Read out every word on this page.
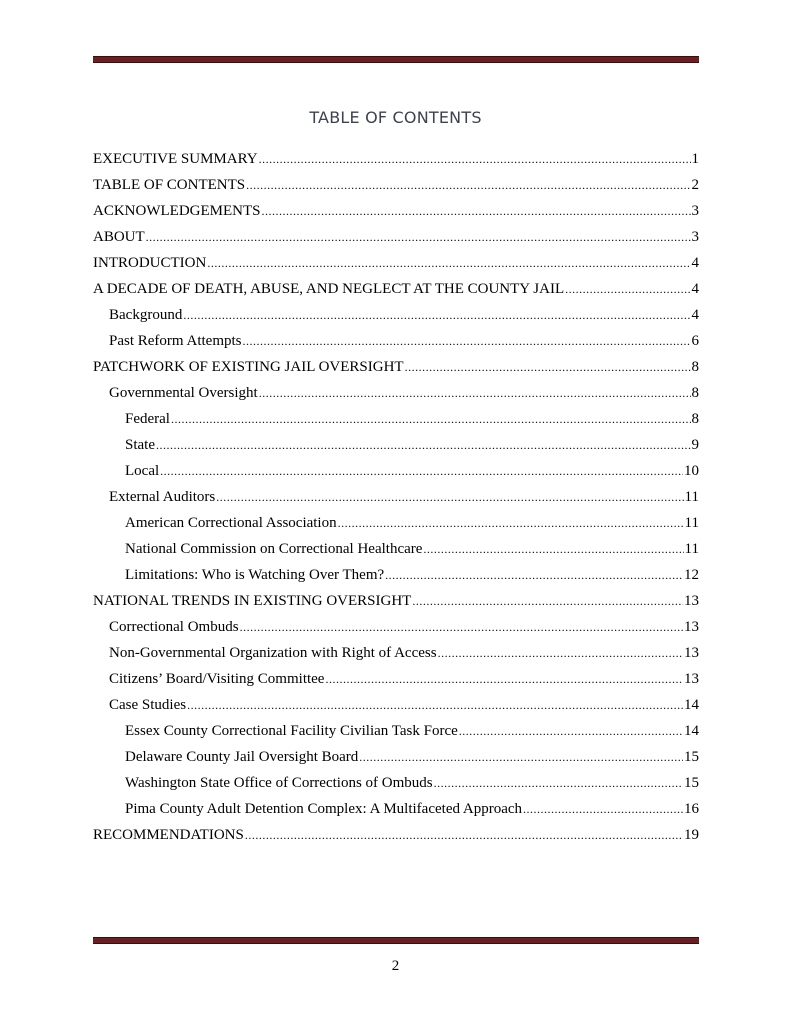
TABLE OF CONTENTS
EXECUTIVE SUMMARY .....	1
TABLE OF CONTENTS .....	2
ACKNOWLEDGEMENTS .....	3
ABOUT .....	3
INTRODUCTION .....	4
A DECADE OF DEATH, ABUSE, AND NEGLECT AT THE COUNTY JAIL .....	4
Background .....	4
Past Reform Attempts .....	6
PATCHWORK OF EXISTING JAIL OVERSIGHT .....	8
Governmental Oversight .....	8
Federal .....	8
State .....	9
Local .....	10
External Auditors .....	11
American Correctional Association .....	11
National Commission on Correctional Healthcare .....	11
Limitations: Who is Watching Over Them? .....	12
NATIONAL TRENDS IN EXISTING OVERSIGHT .....	13
Correctional Ombuds .....	13
Non-Governmental Organization with Right of Access .....	13
Citizens’ Board/Visiting Committee .....	13
Case Studies .....	14
Essex County Correctional Facility Civilian Task Force .....	14
Delaware County Jail Oversight Board .....	15
Washington State Office of Corrections of Ombuds .....	15
Pima County Adult Detention Complex: A Multifaceted Approach .....	16
RECOMMENDATIONS .....	19
2
